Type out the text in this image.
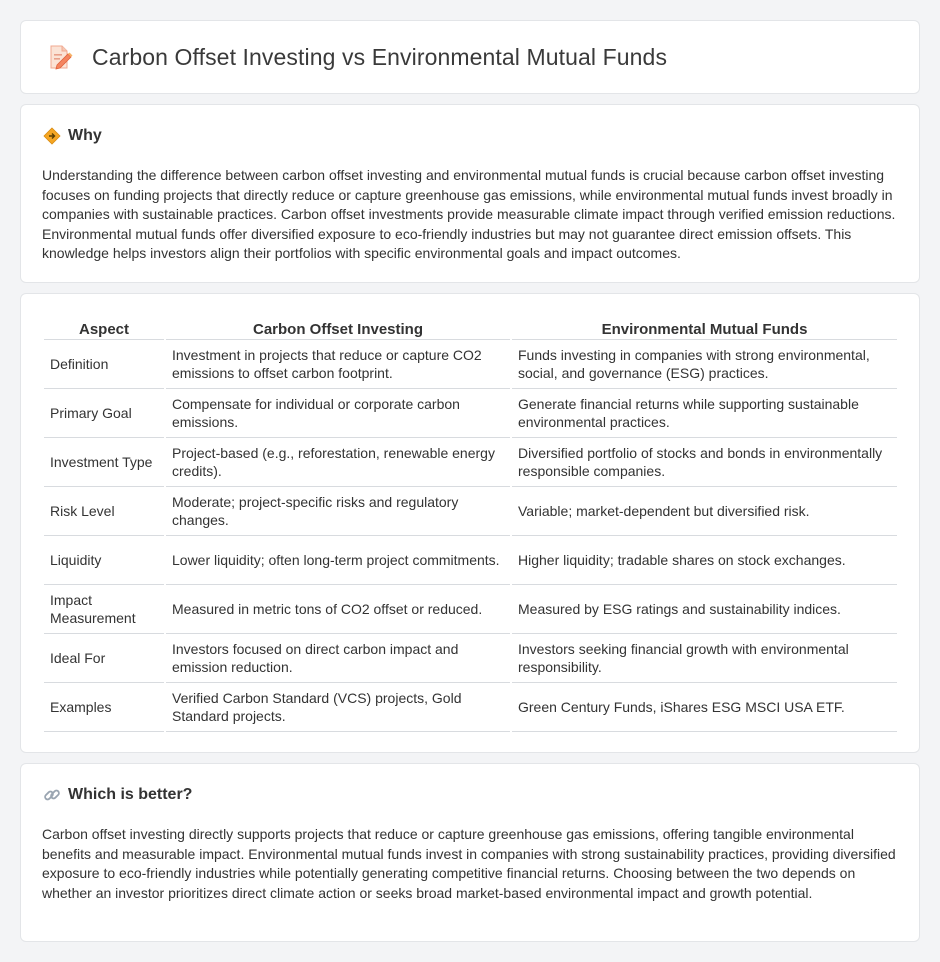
Carbon Offset Investing vs Environmental Mutual Funds
Why

Understanding the difference between carbon offset investing and environmental mutual funds is crucial because carbon offset investing focuses on funding projects that directly reduce or capture greenhouse gas emissions, while environmental mutual funds invest broadly in companies with sustainable practices. Carbon offset investments provide measurable climate impact through verified emission reductions. Environmental mutual funds offer diversified exposure to eco-friendly industries but may not guarantee direct emission offsets. This knowledge helps investors align their portfolios with specific environmental goals and impact outcomes.

Aspect	Carbon Offset Investing	Environmental Mutual Funds
Definition	Investment in projects that reduce or capture CO2 emissions to offset carbon footprint.	Funds investing in companies with strong environmental, social, and governance (ESG) practices.
Primary Goal	Compensate for individual or corporate carbon emissions.	Generate financial returns while supporting sustainable environmental practices.
Investment Type	Project-based (e.g., reforestation, renewable energy credits).	Diversified portfolio of stocks and bonds in environmentally responsible companies.
Risk Level	Moderate; project-specific risks and regulatory changes.	Variable; market-dependent but diversified risk.
Liquidity	Lower liquidity; often long-term project commitments.	Higher liquidity; tradable shares on stock exchanges.
Impact Measurement	Measured in metric tons of CO2 offset or reduced.	Measured by ESG ratings and sustainability indices.
Ideal For	Investors focused on direct carbon impact and emission reduction.	Investors seeking financial growth with environmental responsibility.
Examples	Verified Carbon Standard (VCS) projects, Gold Standard projects.	Green Century Funds, iShares ESG MSCI USA ETF.
Which is better?

Carbon offset investing directly supports projects that reduce or capture greenhouse gas emissions, offering tangible environmental benefits and measurable impact. Environmental mutual funds invest in companies with strong sustainability practices, providing diversified exposure to eco-friendly industries while potentially generating competitive financial returns. Choosing between the two depends on whether an investor prioritizes direct climate action or seeks broad market-based environmental impact and growth potential.
